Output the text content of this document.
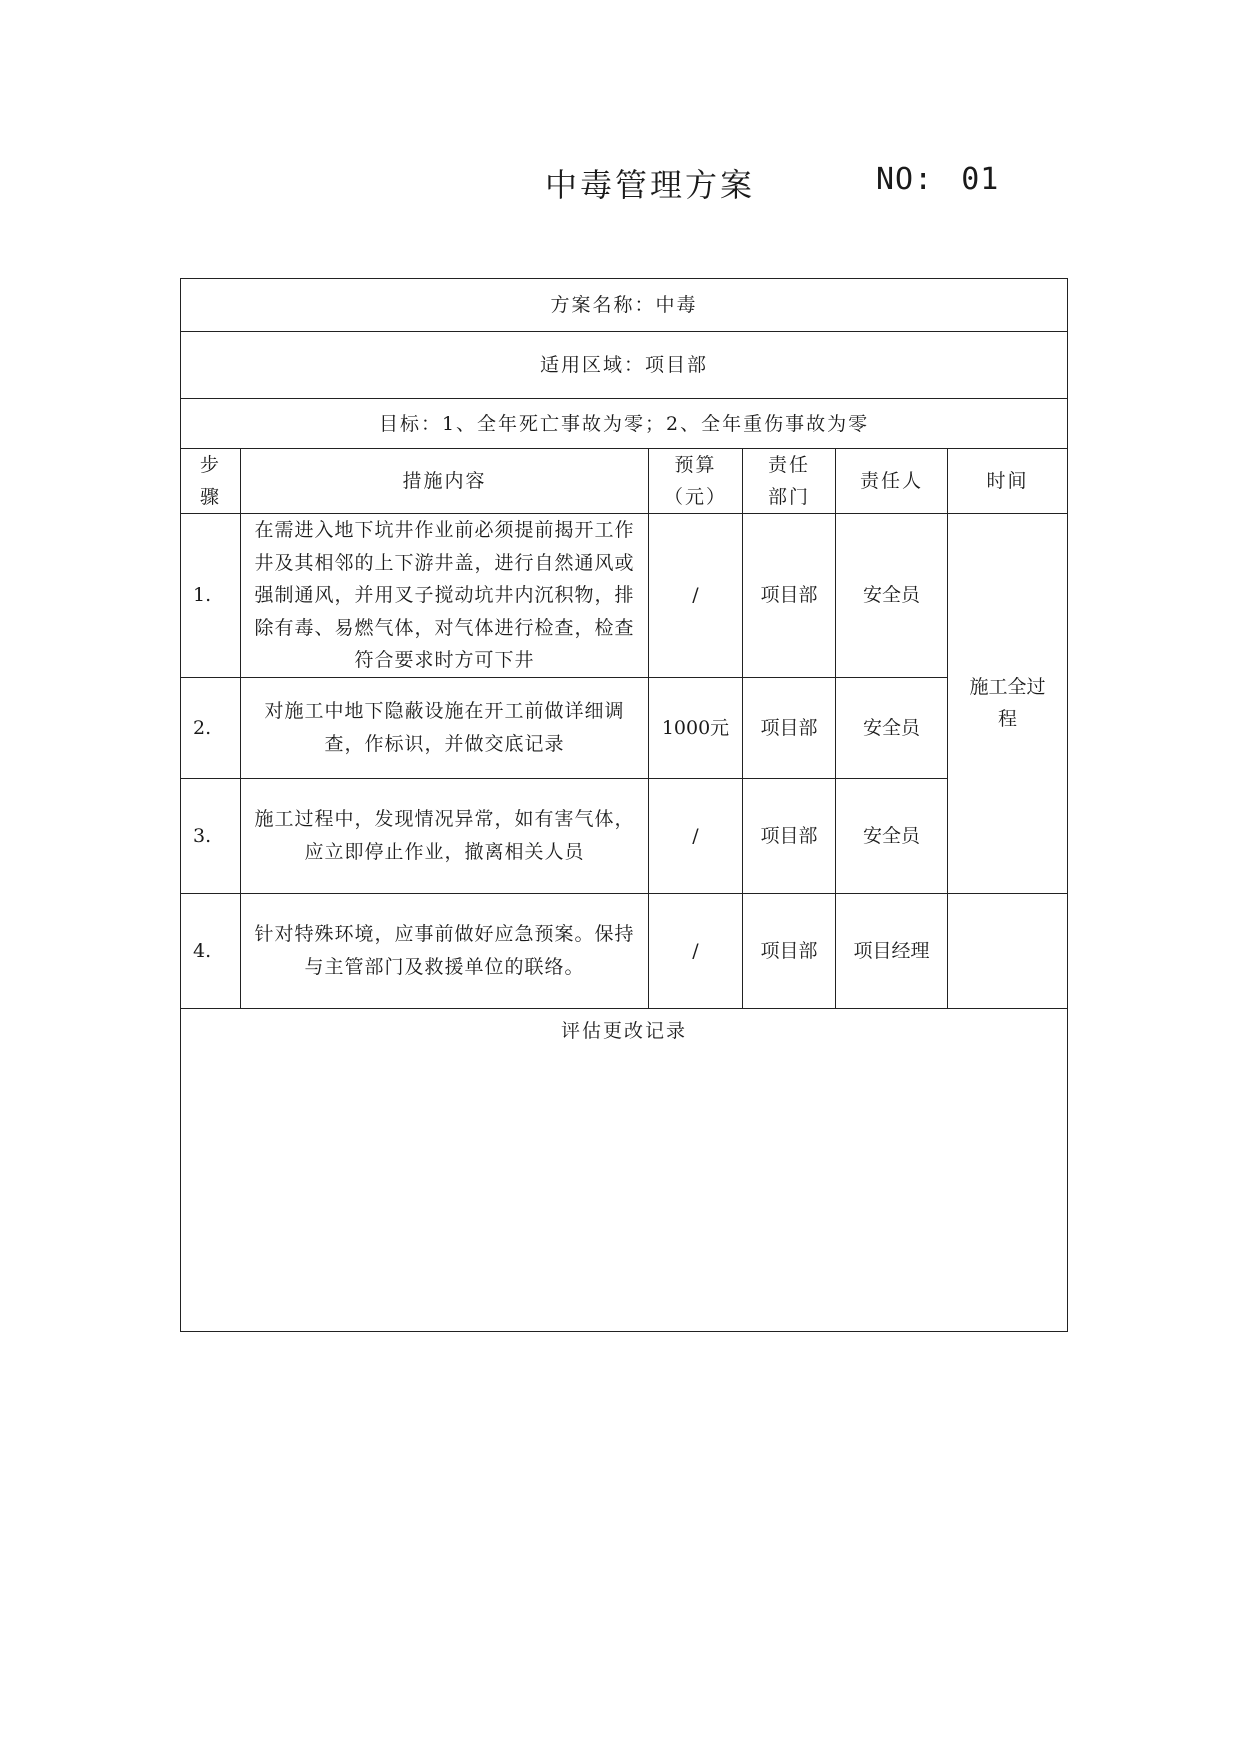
中毒管理方案	NO: 01
方案名称：中毒					
适用区域：项目部					
目标：1、全年死亡事故为零；2、全年重伤事故为零					

步骤	措施内容	预算（元）	责任部门	责任人	时间
1.	在需进入地下坑井作业前必须提前揭开工作井及其相邻的上下游井盖，进行自然通风或强制通风，并用叉子搅动坑井内沉积物，排除有毒、易燃气体，对气体进行检查，检查符合要求时方可下井	/	项目部	安全员	施工全过程

2.	对施工中地下隐蔽设施在开工前做详细调查，作标识，并做交底记录	1000元	项目部	安全员	
3.	施工过程中，发现情况异常，如有害气体，应立即停止作业，撤离相关人员	/	项目部	安全员	
4.	针对特殊环境，应事前做好应急预案。保持与主管部门及救援单位的联络。	/	项目部	项目经理	
评估更改记录					
